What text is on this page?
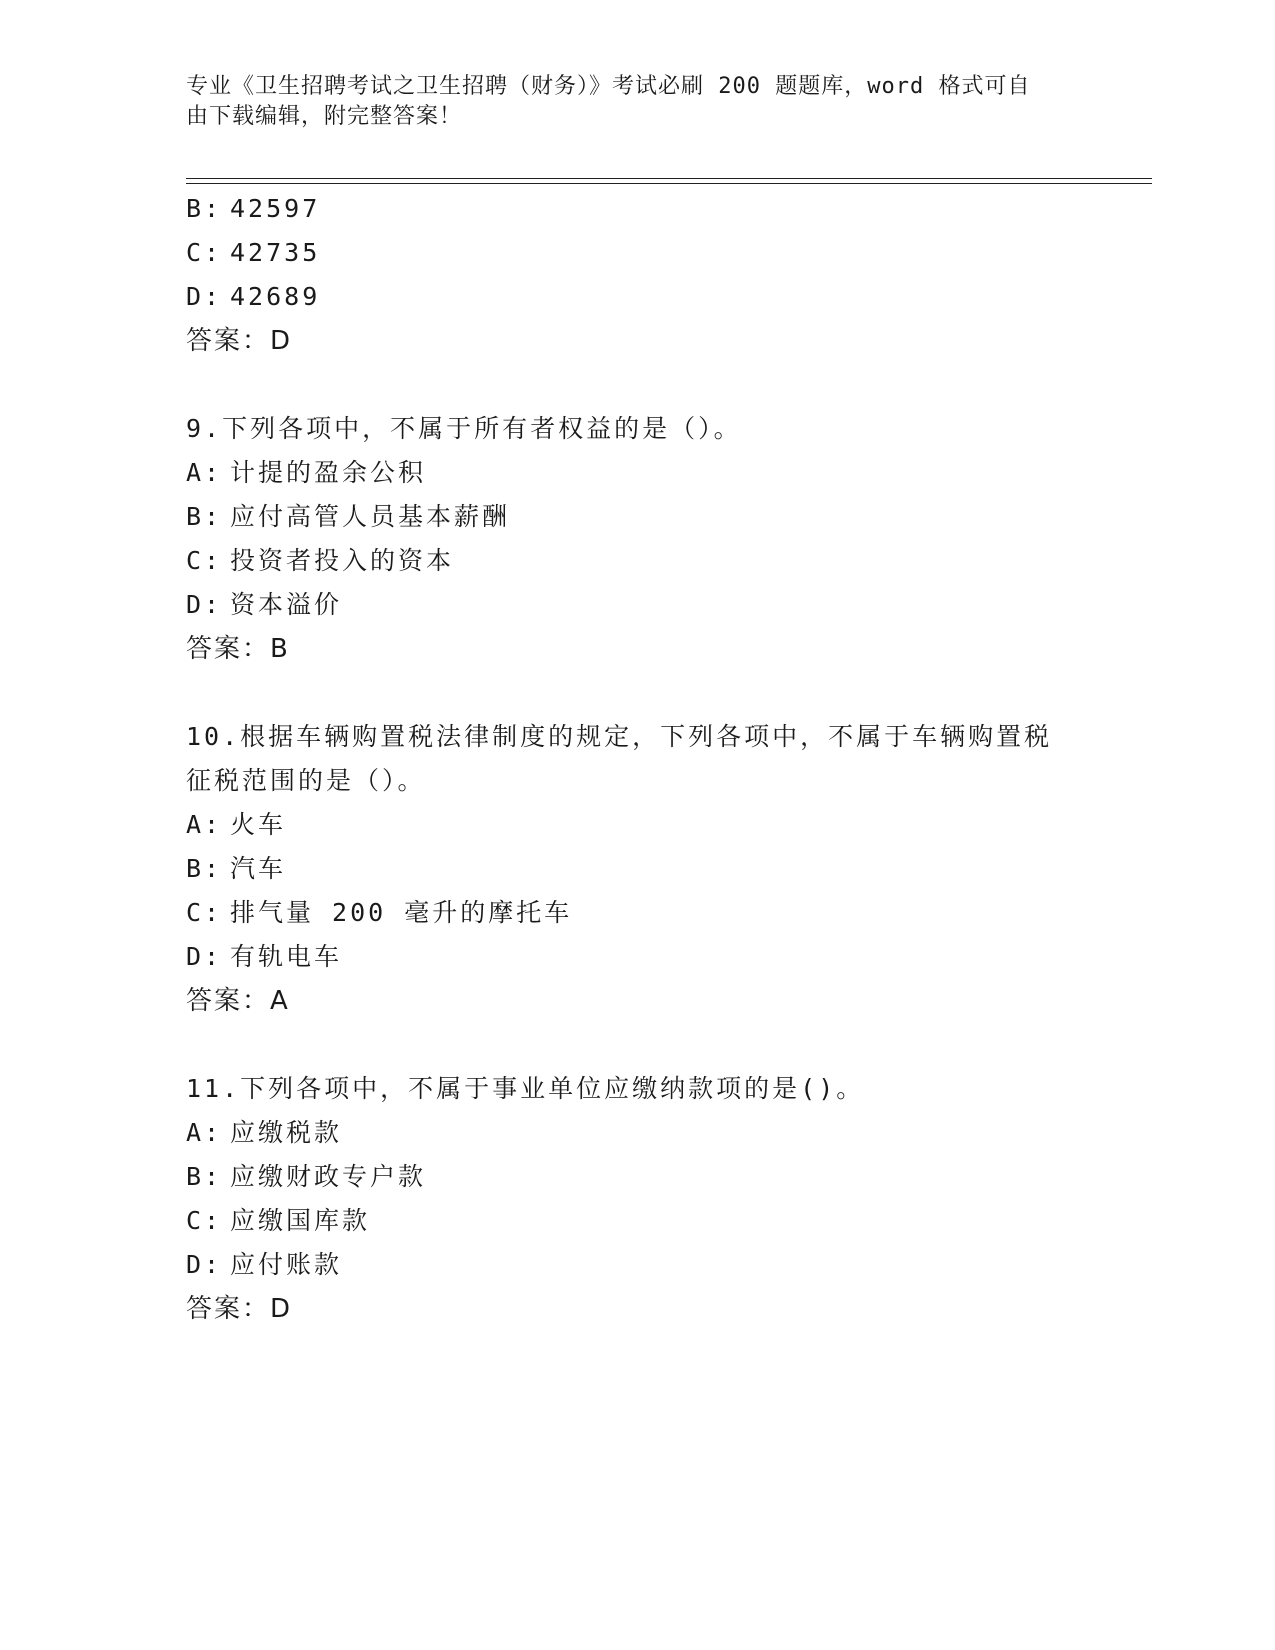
专业《卫生招聘考试之卫生招聘（财务）》考试必刷 200 题题库，word 格式可自
由下载编辑，附完整答案！
B: 42597
C: 42735
D: 42689
答案：D
9.下列各项中，不属于所有者权益的是（）。
A: 计提的盈余公积
B: 应付高管人员基本薪酬
C: 投资者投入的资本
D: 资本溢价
答案：B
10.根据车辆购置税法律制度的规定，下列各项中，不属于车辆购置税
征税范围的是（）。
A: 火车
B: 汽车
C: 排气量 200 毫升的摩托车
D: 有轨电车
答案：A
11.下列各项中，不属于事业单位应缴纳款项的是()。
A: 应缴税款
B: 应缴财政专户款
C: 应缴国库款
D: 应付账款
答案：D
